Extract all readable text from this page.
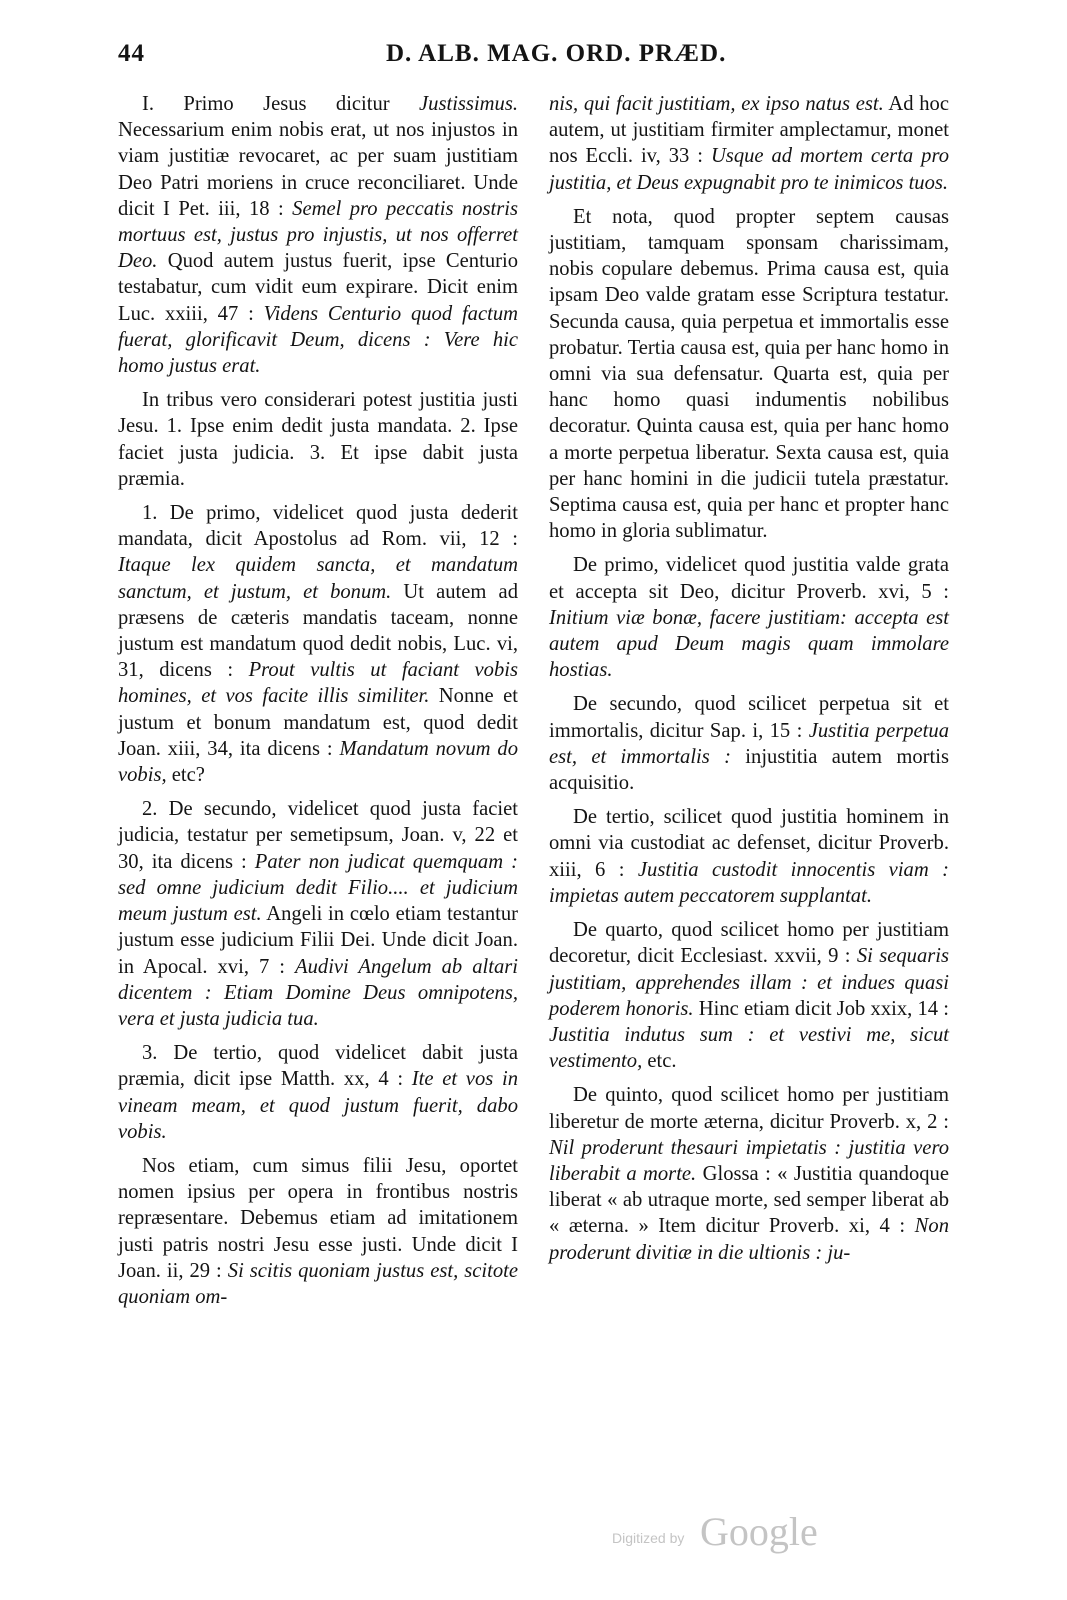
44	D. ALB. MAG. ORD. PRÆD.

I. Primo Jesus dicitur Justissimus. Necessarium enim nobis erat, ut nos injustos in viam justitiæ revocaret, ac per suam justitiam Deo Patri moriens in cruce reconciliaret. Unde dicit I Pet. iii, 18 : Semel pro peccatis nostris mortuus est, justus pro injustis, ut nos offerret Deo. Quod autem justus fuerit, ipse Centurio testabatur, cum vidit eum expirare. Dicit enim Luc. xxiii, 47 : Videns Centurio quod factum fuerat, glorificavit Deum, dicens : Vere hic homo justus erat.

In tribus vero considerari potest justitia justi Jesu. 1. Ipse enim dedit justa mandata. 2. Ipse faciet justa judicia. 3. Et ipse dabit justa præmia.

1. De primo, videlicet quod justa dederit mandata, dicit Apostolus ad Rom. vii, 12 : Itaque lex quidem sancta, et mandatum sanctum, et justum, et bonum. Ut autem ad præsens de cæteris mandatis taceam, nonne justum est mandatum quod dedit nobis, Luc. vi, 31, dicens : Prout vultis ut faciant vobis homines, et vos facite illis similiter. Nonne et justum et bonum mandatum est, quod dedit Joan. xiii, 34, ita dicens : Mandatum novum do vobis, etc?

2. De secundo, videlicet quod justa faciet judicia, testatur per semetipsum, Joan. v, 22 et 30, ita dicens : Pater non judicat quemquam : sed omne judicium dedit Filio.... et judicium meum justum est. Angeli in cœlo etiam testantur justum esse judicium Filii Dei. Unde dicit Joan. in Apocal. xvi, 7 : Audivi Angelum ab altari dicentem : Etiam Domine Deus omnipotens, vera et justa judicia tua.

3. De tertio, quod videlicet dabit justa præmia, dicit ipse Matth. xx, 4 : Ite et vos in vineam meam, et quod justum fuerit, dabo vobis.

Nos etiam, cum simus filii Jesu, oportet nomen ipsius per opera in frontibus nostris repræsentare. Debemus etiam ad imitationem justi patris nostri Jesu esse justi. Unde dicit I Joan. ii, 29 : Si scitis quoniam justus est, scitote quoniam om-

nis, qui facit justitiam, ex ipso natus est. Ad hoc autem, ut justitiam firmiter amplectamur, monet nos Eccli. iv, 33 : Usque ad mortem certa pro justitia, et Deus expugnabit pro te inimicos tuos.

Et nota, quod propter septem causas justitiam, tamquam sponsam charissimam, nobis copulare debemus. Prima causa est, quia ipsam Deo valde gratam esse Scriptura testatur. Secunda causa, quia perpetua et immortalis esse probatur. Tertia causa est, quia per hanc homo in omni via sua defensatur. Quarta est, quia per hanc homo quasi indumentis nobilibus decoratur. Quinta causa est, quia per hanc homo a morte perpetua liberatur. Sexta causa est, quia per hanc homini in die judicii tutela præstatur. Septima causa est, quia per hanc et propter hanc homo in gloria sublimatur.

De primo, videlicet quod justitia valde grata et accepta sit Deo, dicitur Proverb. xvi, 5 : Initium viæ bonæ, facere justitiam: accepta est autem apud Deum magis quam immolare hostias.

De secundo, quod scilicet perpetua sit et immortalis, dicitur Sap. i, 15 : Justitia perpetua est, et immortalis : injustitia autem mortis acquisitio.

De tertio, scilicet quod justitia hominem in omni via custodiat ac defenset, dicitur Proverb. xiii, 6 : Justitia custodit innocentis viam : impietas autem peccatorem supplantat.

De quarto, quod scilicet homo per justitiam decoretur, dicit Ecclesiast. xxvii, 9 : Si sequaris justitiam, apprehendes illam : et indues quasi poderem honoris. Hinc etiam dicit Job xxix, 14 : Justitia indutus sum : et vestivi me, sicut vestimento, etc.

De quinto, quod scilicet homo per justitiam liberetur de morte æterna, dicitur Proverb. x, 2 : Nil proderunt thesauri impietatis : justitia vero liberabit a morte. Glossa : « Justitia quandoque liberat « ab utraque morte, sed semper liberat ab « æterna. » Item dicitur Proverb. xi, 4 : Non proderunt divitiæ in die ultionis : ju-

Digitized by Google
